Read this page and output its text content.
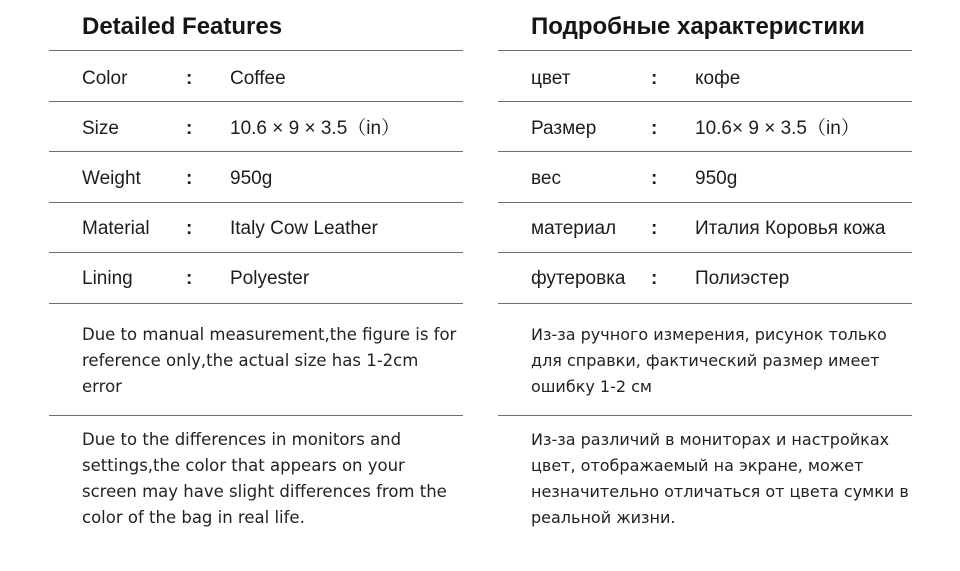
Detailed Features
Color	: Coffee
Size	: 10.6 × 9 × 3.5（in）
Weight : 950g
Material : Italy Cow Leather
Lining	: Polyester
Due to manual measurement,the figure is for reference only,the actual size has 1-2cm error
Due to the differences in monitors and settings,the color that appears on your screen may have slight differences from the color of the bag in real life.
Подробные характеристики
цвет	: кофе
Размер	: 10.6× 9 × 3.5（in）
вес	: 950g
материал : Италия Коровья кожа
футеровка : Полиэстер
Из-за ручного измерения, рисунок только для справки, фактический размер имеет ошибку 1-2 см
Из-за различий в мониторах и настройках цвет, отображаемый на экране, может незначительно отличаться от цвета сумки в реальной жизни.
